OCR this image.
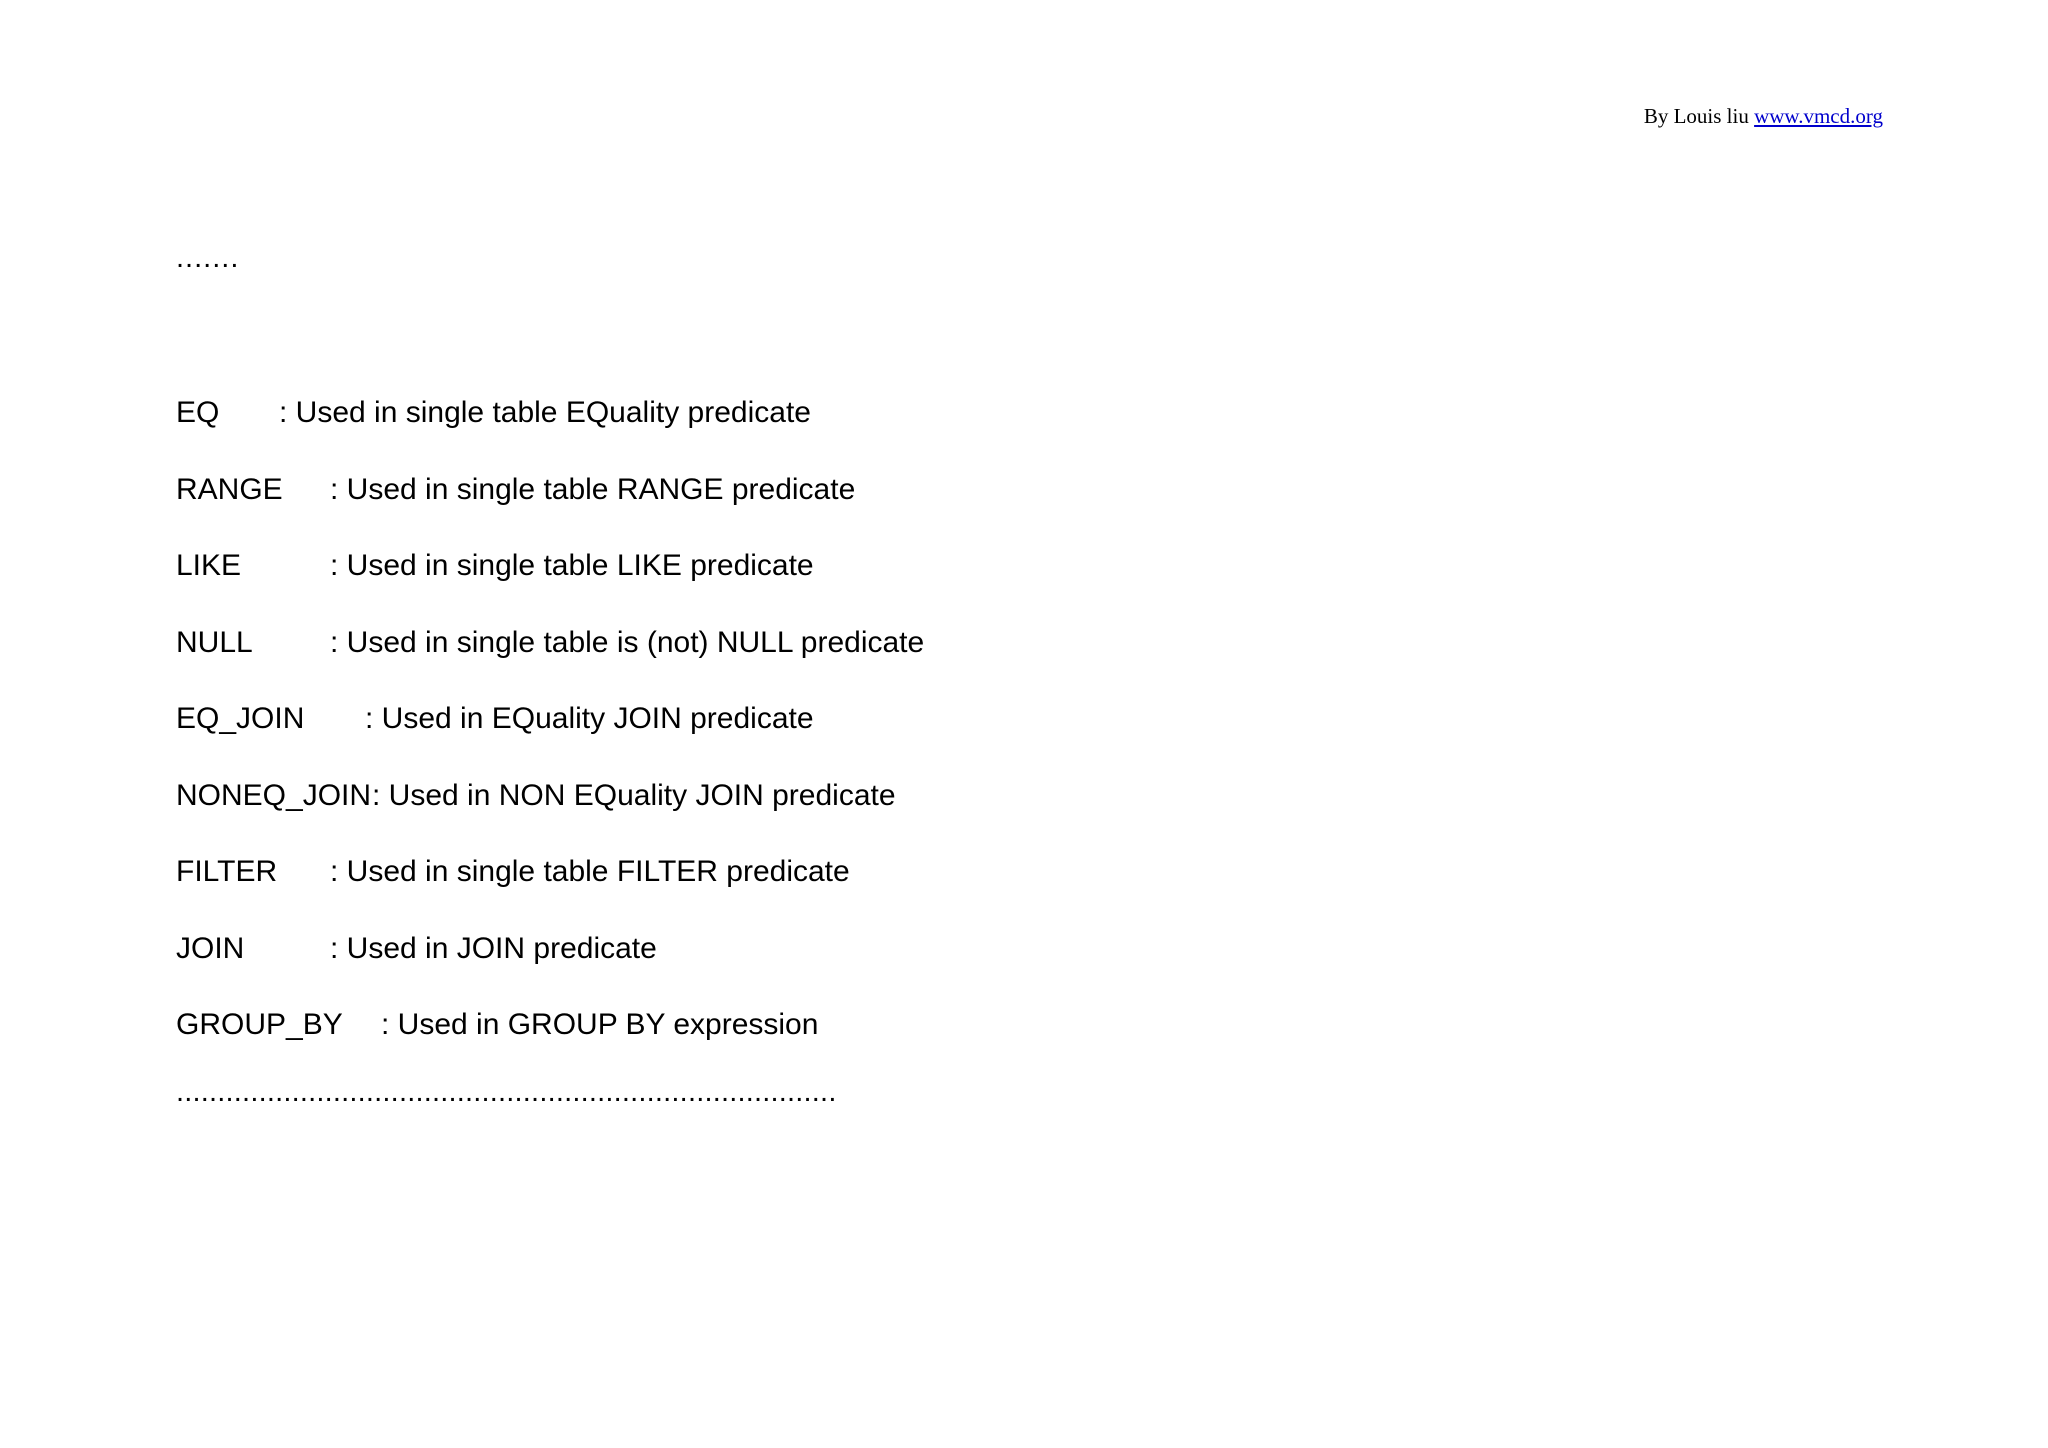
By Louis liu www.vmcd.org
.......
EQ : Used in single table EQuality predicate
RANGE : Used in single table RANGE predicate
LIKE	: Used in single table LIKE predicate
NULL	: Used in single table is (not) NULL predicate
EQ_JOIN : Used in EQuality JOIN predicate
NONEQ_JOIN: Used in NON EQuality JOIN predicate
FILTER : Used in single table FILTER predicate
JOIN	: Used in JOIN predicate
GROUP_BY : Used in GROUP BY expression
................................................................................
